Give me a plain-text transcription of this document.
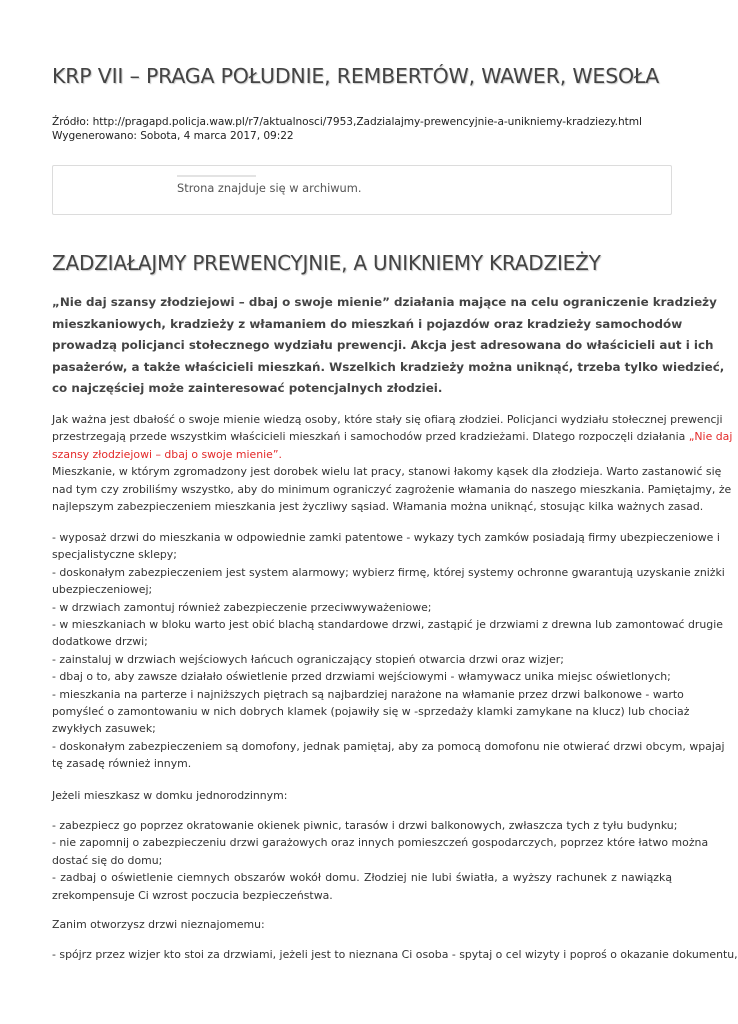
KRP VII – PRAGA POŁUDNIE, REMBERTÓW, WAWER, WESOŁA
Źródło: http://pragapd.policja.waw.pl/r7/aktualnosci/7953,Zadzialajmy-prewencyjnie-a-unikniemy-kradziezy.html
Wygenerowano: Sobota, 4 marca 2017, 09:22
Strona znajduje się w archiwum.
ZADZIAŁAJMY PREWENCYJNIE, A UNIKNIEMY KRADZIEŻY

„Nie daj szansy złodziejowi – dbaj o swoje mienie” działania mające na celu ograniczenie kradzieży
mieszkaniowych, kradzieży z włamaniem do mieszkań i pojazdów oraz kradzieży samochodów
prowadzą policjanci stołecznego wydziału prewencji. Akcja jest adresowana do właścicieli aut i ich
pasażerów, a także właścicieli mieszkań. Wszelkich kradzieży można uniknąć, trzeba tylko wiedzieć,
co najczęściej może zainteresować potencjalnych złodziei.

Jak ważna jest dbałość o swoje mienie wiedzą osoby, które stały się ofiarą złodziei. Policjanci wydziału stołecznej prewencji
przestrzegają przede wszystkim właścicieli mieszkań i samochodów przed kradzieżami. Dlatego rozpoczęli działania „Nie daj
szansy złodziejowi – dbaj o swoje mienie”.
Mieszkanie, w którym zgromadzony jest dorobek wielu lat pracy, stanowi łakomy kąsek dla złodzieja. Warto zastanowić się
nad tym czy zrobiliśmy wszystko, aby do minimum ograniczyć zagrożenie włamania do naszego mieszkania. Pamiętajmy, że
najlepszym zabezpieczeniem mieszkania jest życzliwy sąsiad. Włamania można uniknąć, stosując kilka ważnych zasad.
- wyposaż drzwi do mieszkania w odpowiednie zamki patentowe - wykazy tych zamków posiadają firmy ubezpieczeniowe i
specjalistyczne sklepy;
- doskonałym zabezpieczeniem jest system alarmowy; wybierz firmę, której systemy ochronne gwarantują uzyskanie zniżki
ubezpieczeniowej;
- w drzwiach zamontuj również zabezpieczenie przeciwwyważeniowe;
- w mieszkaniach w bloku warto jest obić blachą standardowe drzwi, zastąpić je drzwiami z drewna lub zamontować drugie
dodatkowe drzwi;
- zainstaluj w drzwiach wejściowych łańcuch ograniczający stopień otwarcia drzwi oraz wizjer;
- dbaj o to, aby zawsze działało oświetlenie przed drzwiami wejściowymi - włamywacz unika miejsc oświetlonych;
- mieszkania na parterze i najniższych piętrach są najbardziej narażone na włamanie przez drzwi balkonowe - warto
pomyśleć o zamontowaniu w nich dobrych klamek (pojawiły się w -sprzedaży klamki zamykane na klucz) lub chociaż
zwykłych zasuwek;
- doskonałym zabezpieczeniem są domofony, jednak pamiętaj, aby za pomocą domofonu nie otwierać drzwi obcym, wpajaj
tę zasadę również innym.
Jeżeli mieszkasz w domku jednorodzinnym:
- zabezpiecz go poprzez okratowanie okienek piwnic, tarasów i drzwi balkonowych, zwłaszcza tych z tyłu budynku;
- nie zapomnij o zabezpieczeniu drzwi garażowych oraz innych pomieszczeń gospodarczych, poprzez które łatwo można
dostać się do domu;
- zadbaj o oświetlenie ciemnych obszarów wokół domu. Złodziej nie lubi światła, a wyższy rachunek z nawiązką
zrekompensuje Ci wzrost poczucia bezpieczeństwa.
Zanim otworzysz drzwi nieznajomemu:
- spójrz przez wizjer kto stoi za drzwiami, jeżeli jest to nieznana Ci osoba - spytaj o cel wizyty i poproś o okazanie dokumentu,
